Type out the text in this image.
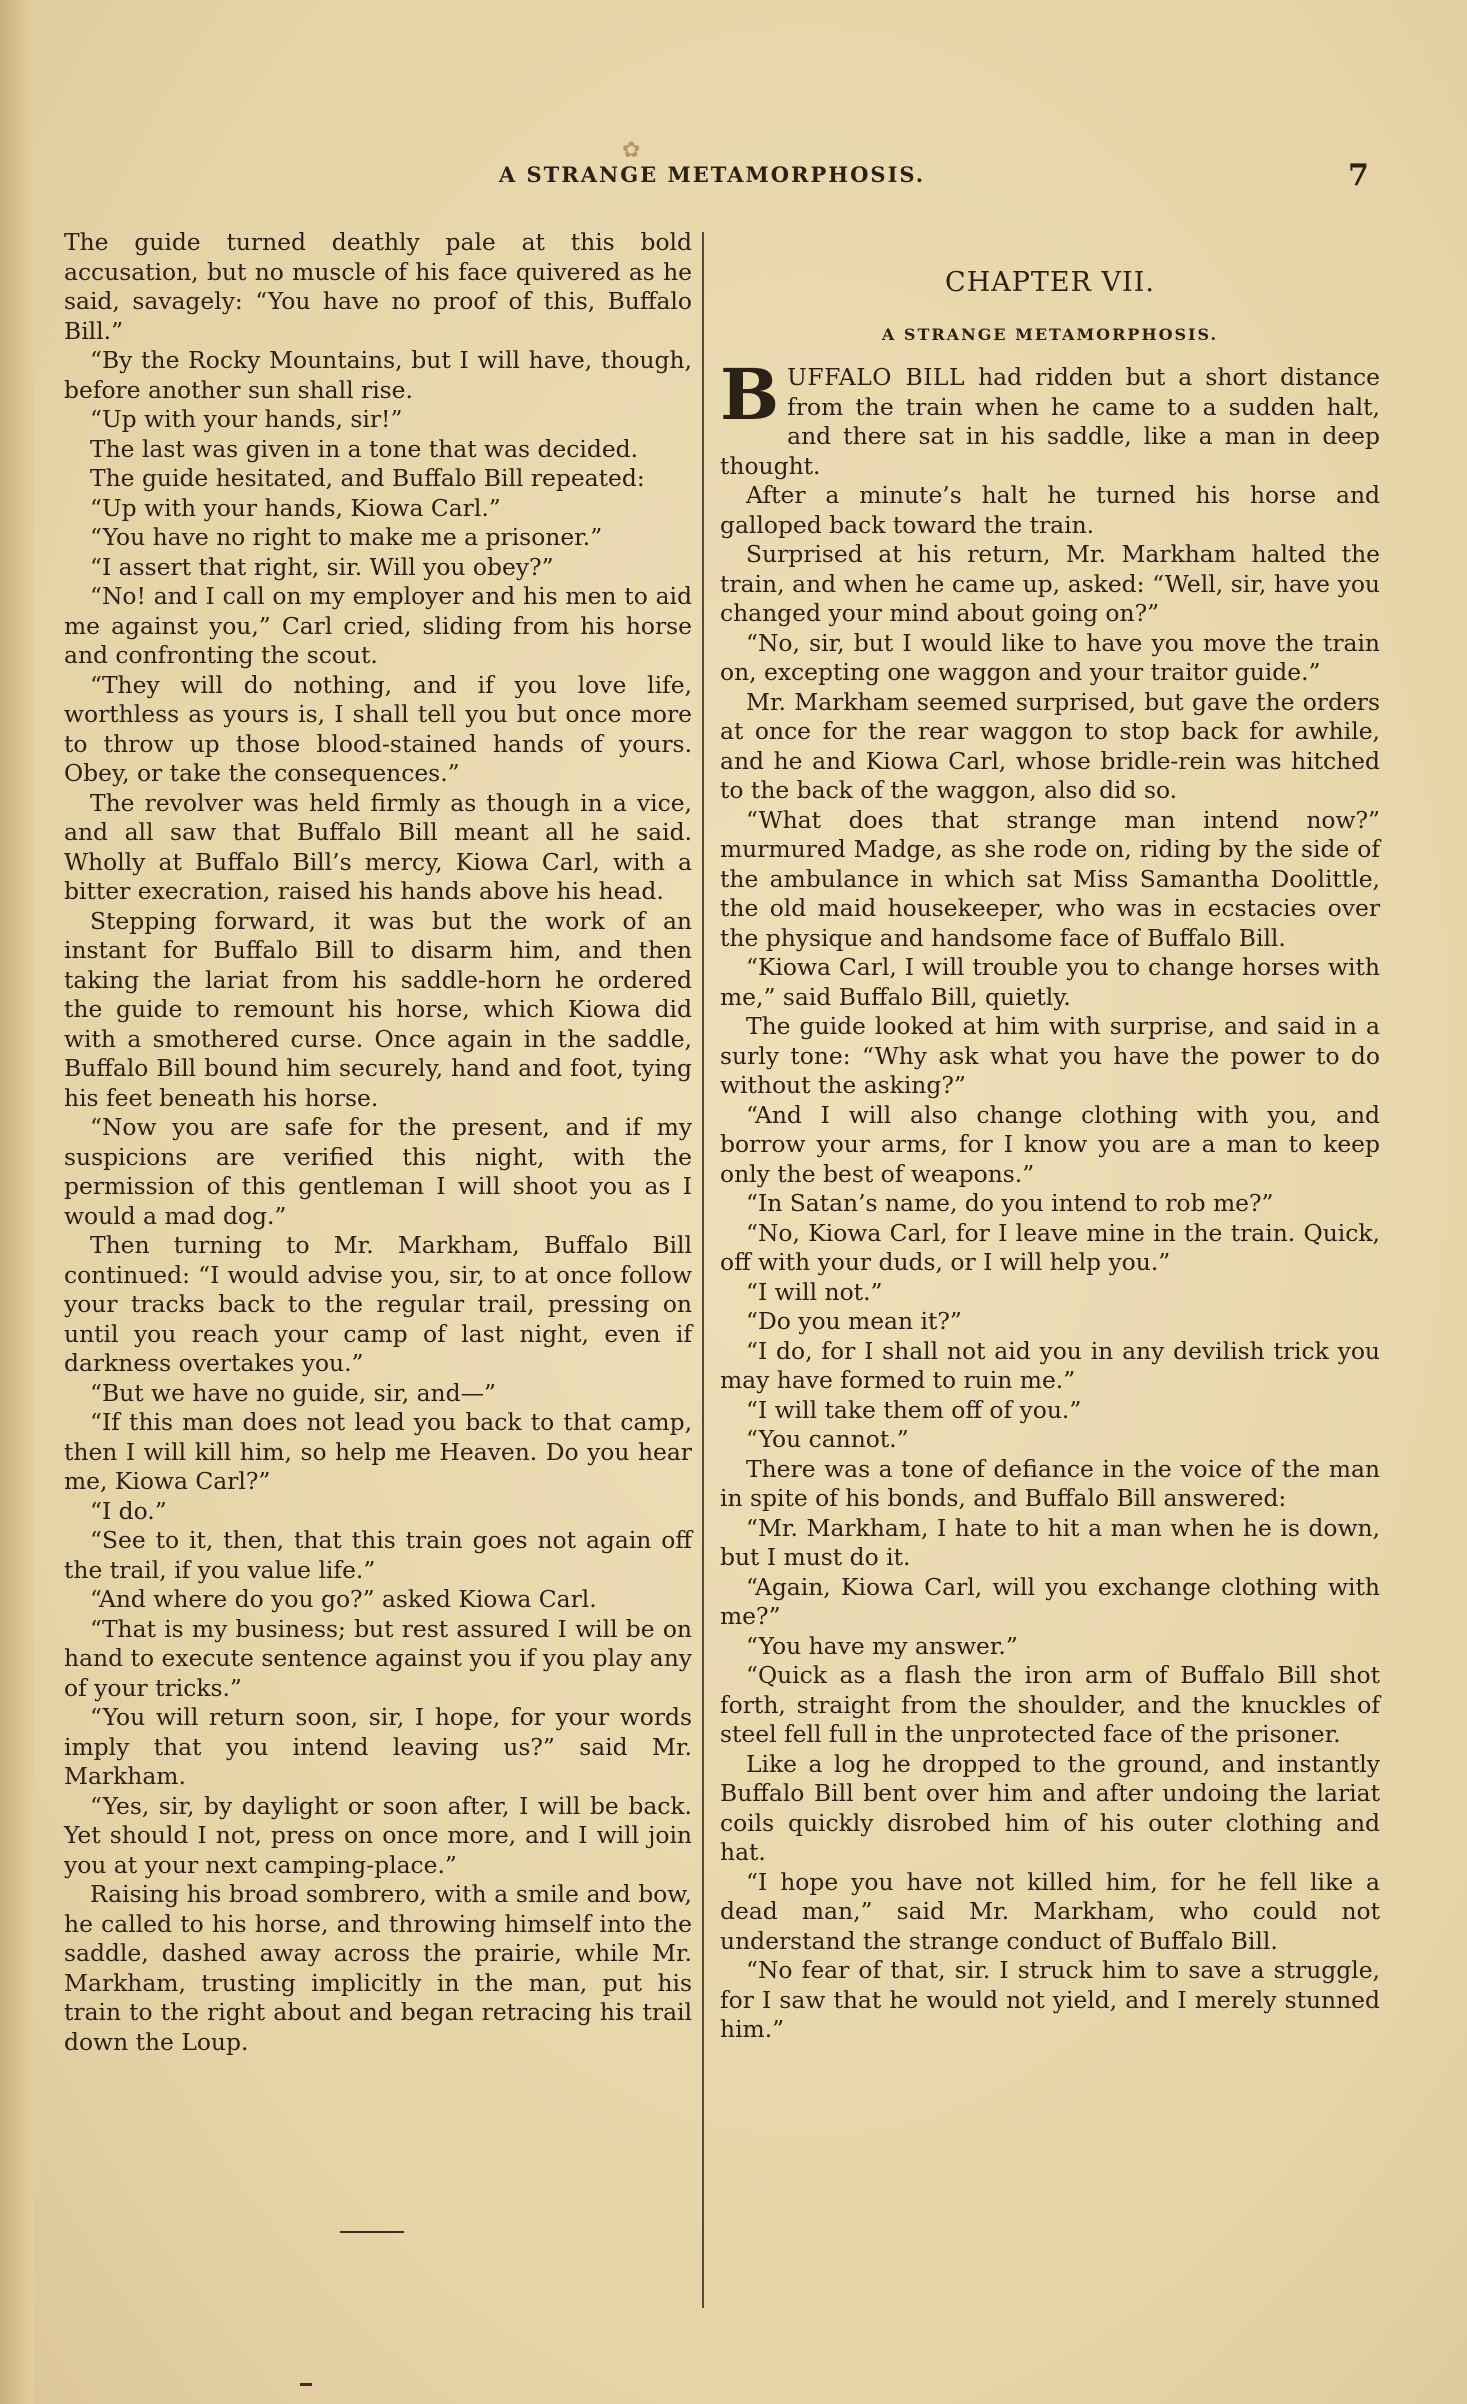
✿
A STRANGE METAMORPHOSIS.	7

The guide turned deathly pale at this bold accusation, but no muscle of his face quivered as he said, savagely: “You have no proof of this, Buffalo Bill.”

“By the Rocky Mountains, but I will have, though, before another sun shall rise.

“Up with your hands, sir!”

The last was given in a tone that was decided.

The guide hesitated, and Buffalo Bill repeated:

“Up with your hands, Kiowa Carl.”

“You have no right to make me a prisoner.”

“I assert that right, sir. Will you obey?”

“No! and I call on my employer and his men to aid me against you,” Carl cried, sliding from his horse and confronting the scout.

“They will do nothing, and if you love life, worthless as yours is, I shall tell you but once more to throw up those blood-stained hands of yours. Obey, or take the consequences.”

The revolver was held firmly as though in a vice, and all saw that Buffalo Bill meant all he said. Wholly at Buffalo Bill’s mercy, Kiowa Carl, with a bitter execration, raised his hands above his head.

Stepping forward, it was but the work of an instant for Buffalo Bill to disarm him, and then taking the lariat from his saddle-horn he ordered the guide to remount his horse, which Kiowa did with a smothered curse. Once again in the saddle, Buffalo Bill bound him securely, hand and foot, tying his feet beneath his horse.

“Now you are safe for the present, and if my suspicions are verified this night, with the permission of this gentleman I will shoot you as I would a mad dog.”

Then turning to Mr. Markham, Buffalo Bill continued: “I would advise you, sir, to at once follow your tracks back to the regular trail, pressing on until you reach your camp of last night, even if darkness overtakes you.”

“But we have no guide, sir, and—”

“If this man does not lead you back to that camp, then I will kill him, so help me Heaven. Do you hear me, Kiowa Carl?”

“I do.”

“See to it, then, that this train goes not again off the trail, if you value life.”

“And where do you go?” asked Kiowa Carl.

“That is my business; but rest assured I will be on hand to execute sentence against you if you play any of your tricks.”

“You will return soon, sir, I hope, for your words imply that you intend leaving us?” said Mr. Markham.

“Yes, sir, by daylight or soon after, I will be back. Yet should I not, press on once more, and I will join you at your next camping-place.”

Raising his broad sombrero, with a smile and bow, he called to his horse, and throwing himself into the saddle, dashed away across the prairie, while Mr. Markham, trusting implicitly in the man, put his train to the right about and began retracing his trail down the Loup.

CHAPTER VII.
A STRANGE METAMORPHOSIS.

BUFFALO BILL had ridden but a short distance from the train when he came to a sudden halt, and there sat in his saddle, like a man in deep thought.

After a minute’s halt he turned his horse and galloped back toward the train.

Surprised at his return, Mr. Markham halted the train, and when he came up, asked: “Well, sir, have you changed your mind about going on?”

“No, sir, but I would like to have you move the train on, excepting one waggon and your traitor guide.”

Mr. Markham seemed surprised, but gave the orders at once for the rear waggon to stop back for awhile, and he and Kiowa Carl, whose bridle-rein was hitched to the back of the waggon, also did so.

“What does that strange man intend now?” murmured Madge, as she rode on, riding by the side of the ambulance in which sat Miss Samantha Doolittle, the old maid housekeeper, who was in ecstacies over the physique and handsome face of Buffalo Bill.

“Kiowa Carl, I will trouble you to change horses with me,” said Buffalo Bill, quietly.

The guide looked at him with surprise, and said in a surly tone: “Why ask what you have the power to do without the asking?”

“And I will also change clothing with you, and borrow your arms, for I know you are a man to keep only the best of weapons.”

“In Satan’s name, do you intend to rob me?”

“No, Kiowa Carl, for I leave mine in the train. Quick, off with your duds, or I will help you.”

“I will not.”

“Do you mean it?”

“I do, for I shall not aid you in any devilish trick you may have formed to ruin me.”

“I will take them off of you.”

“You cannot.”

There was a tone of defiance in the voice of the man in spite of his bonds, and Buffalo Bill answered:

“Mr. Markham, I hate to hit a man when he is down, but I must do it.

“Again, Kiowa Carl, will you exchange clothing with me?”

“You have my answer.”

“Quick as a flash the iron arm of Buffalo Bill shot forth, straight from the shoulder, and the knuckles of steel fell full in the unprotected face of the prisoner.

Like a log he dropped to the ground, and instantly Buffalo Bill bent over him and after undoing the lariat coils quickly disrobed him of his outer clothing and hat.

“I hope you have not killed him, for he fell like a dead man,” said Mr. Markham, who could not understand the strange conduct of Buffalo Bill.

“No fear of that, sir. I struck him to save a struggle, for I saw that he would not yield, and I merely stunned him.”
